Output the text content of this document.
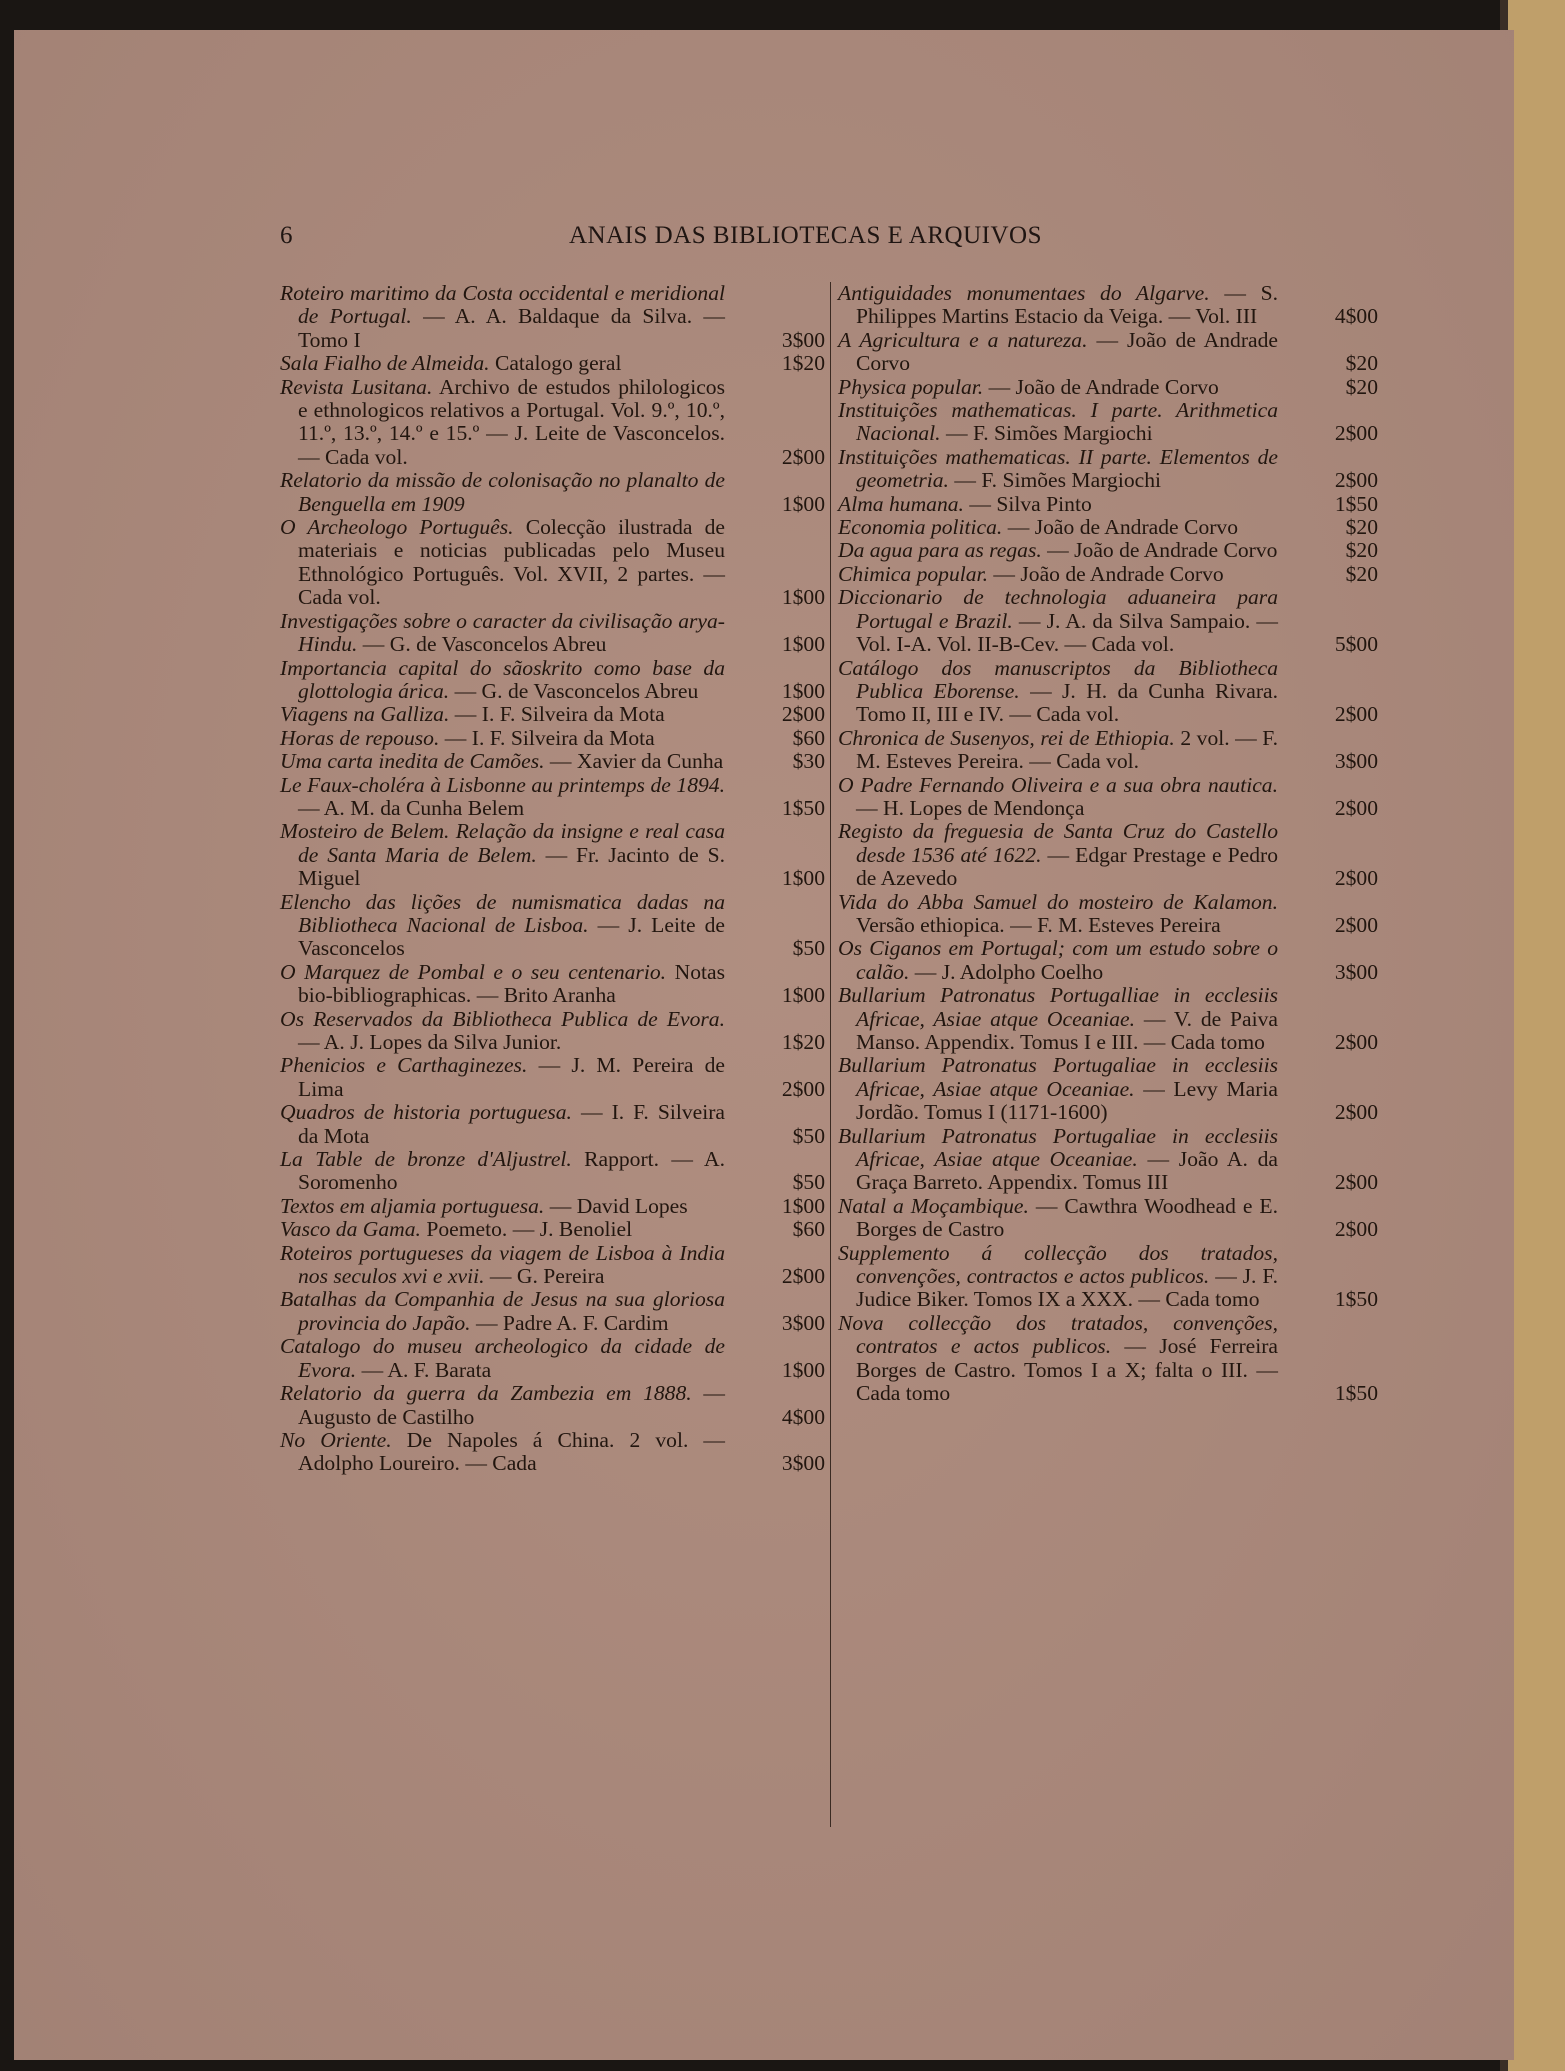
6	ANAIS DAS BIBLIOTECAS E ARQUIVOS
Roteiro maritimo da Costa occidental e meridional de Portugal. — A. A. Baldaque da Silva. — Tomo I	3$00
Sala Fialho de Almeida. Catalogo geral	1$20
Revista Lusitana. Archivo de estudos philologicos e ethnologicos relativos a Portugal. Vol. 9.º, 10.º, 11.º, 13.º, 14.º e 15.º — J. Leite de Vasconcelos. — Cada vol.	2$00
Relatorio da missão de colonisação no planalto de Benguella em 1909	1$00
O Archeologo Português. Colecção ilustrada de materiais e noticias publicadas pelo Museu Ethnológico Português. Vol. XVII, 2 partes. — Cada vol.	1$00
Investigações sobre o caracter da civilisação arya-Hindu. — G. de Vasconcelos Abreu	1$00
Importancia capital do sãoskrito como base da glottologia árica. — G. de Vasconcelos Abreu	1$00
Viagens na Galliza. — I. F. Silveira da Mota	2$00
Horas de repouso. — I. F. Silveira da Mota	$60
Uma carta inedita de Camões. — Xavier da Cunha	$30
Le Faux-choléra à Lisbonne au printemps de 1894. — A. M. da Cunha Belem	1$50
Mosteiro de Belem. Relação da insigne e real casa de Santa Maria de Belem. — Fr. Jacinto de S. Miguel	1$00
Elencho das lições de numismatica dadas na Bibliotheca Nacional de Lisboa. — J. Leite de Vasconcelos	$50
O Marquez de Pombal e o seu centenario. Notas bio-bibliographicas. — Brito Aranha	1$00
Os Reservados da Bibliotheca Publica de Evora. — A. J. Lopes da Silva Junior.	1$20
Phenicios e Carthaginezes. — J. M. Pereira de Lima	2$00
Quadros de historia portuguesa. — I. F. Silveira da Mota	$50
La Table de bronze d'Aljustrel. Rapport. — A. Soromenho	$50
Textos em aljamia portuguesa. — David Lopes	1$00
Vasco da Gama. Poemeto. — J. Benoliel	$60
Roteiros portugueses da viagem de Lisboa à India nos seculos xvi e xvii. — G. Pereira	2$00
Batalhas da Companhia de Jesus na sua gloriosa provincia do Japão. — Padre A. F. Cardim	3$00
Catalogo do museu archeologico da cidade de Evora. — A. F. Barata	1$00
Relatorio da guerra da Zambezia em 1888. — Augusto de Castilho	4$00
No Oriente. De Napoles á China. 2 vol. — Adolpho Loureiro. — Cada	3$00
Antiguidades monumentaes do Algarve. — S. Philippes Martins Estacio da Veiga. — Vol. III	4$00
A Agricultura e a natureza. — João de Andrade Corvo	$20
Physica popular. — João de Andrade Corvo	$20
Instituições mathematicas. I parte. Arithmetica Nacional. — F. Simões Margiochi	2$00
Instituições mathematicas. II parte. Elementos de geometria. — F. Simões Margiochi	2$00
Alma humana. — Silva Pinto	1$50
Economia politica. — João de Andrade Corvo	$20
Da agua para as regas. — João de Andrade Corvo	$20
Chimica popular. — João de Andrade Corvo	$20
Diccionario de technologia aduaneira para Portugal e Brazil. — J. A. da Silva Sampaio. — Vol. I-A. Vol. II-B-Cev. — Cada vol.	5$00
Catálogo dos manuscriptos da Bibliotheca Publica Eborense. — J. H. da Cunha Rivara. Tomo II, III e IV. — Cada vol.	2$00
Chronica de Susenyos, rei de Ethiopia. 2 vol. — F. M. Esteves Pereira. — Cada vol.	3$00
O Padre Fernando Oliveira e a sua obra nautica. — H. Lopes de Mendonça	2$00
Registo da freguesia de Santa Cruz do Castello desde 1536 até 1622. — Edgar Prestage e Pedro de Azevedo	2$00
Vida do Abba Samuel do mosteiro de Kalamon. Versão ethiopica. — F. M. Esteves Pereira	2$00
Os Ciganos em Portugal; com um estudo sobre o calão. — J. Adolpho Coelho	3$00
Bullarium Patronatus Portugalliae in ecclesiis Africae, Asiae atque Oceaniae. — V. de Paiva Manso. Appendix. Tomus I e III. — Cada tomo	2$00
Bullarium Patronatus Portugaliae in ecclesiis Africae, Asiae atque Oceaniae. — Levy Maria Jordão. Tomus I (1171-1600)	2$00
Bullarium Patronatus Portugaliae in ecclesiis Africae, Asiae atque Oceaniae. — João A. da Graça Barreto. Appendix. Tomus III	2$00
Natal a Moçambique. — Cawthra Woodhead e E. Borges de Castro	2$00
Supplemento á collecção dos tratados, convenções, contractos e actos publicos. — J. F. Judice Biker. Tomos IX a XXX. — Cada tomo	1$50
Nova collecção dos tratados, convenções, contratos e actos publicos. — José Ferreira Borges de Castro. Tomos I a X; falta o III. — Cada tomo	1$50
